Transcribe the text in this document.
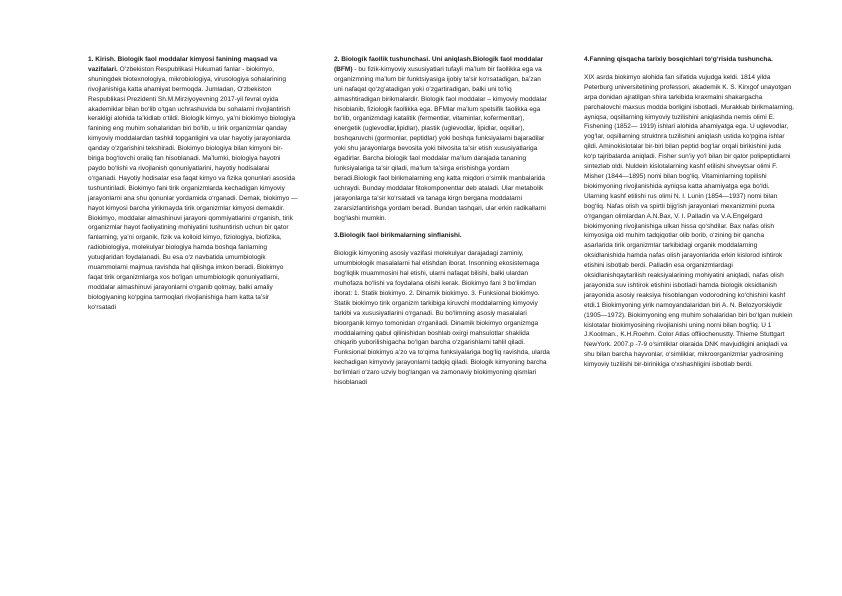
1. Kirish. Biologik faol moddalar kimyosi fanining maqsad va vazifalari. O‘zbekiston Respublikasi Hukumati fanlar - biokimyo, shuningdek biotexnologiya, mikrobiologiya, virusologiya sohalarining rivojlanishiga katta ahamiyat bermoqda. Jumladan, O‘zbekiston Respublikasi Prezidenti Sh.M.Mirziyoyevning 2017-yil fevral oyida akademiklar bilan bo‘lib o‘tgan uchrashuvida bu sohalarni rivojlantirish kerakligi alohida ta’kidlab o‘tildi. Biologik kimyo, ya’ni biokimyo biologiya fanining eng muhim sohalaridan biri bo‘lib, u tirik organizmlar qanday kimyoviy moddalardan tashkil topganligini va ular hayotiy jarayonlarda qanday o‘zgarishini tekshiradi. Biokimyo biologiya bilan kimyoni bir-biriga bog‘lovchi oraliq fan hisoblanadi. Ma’lumki, biologiya hayotni paydo bo‘lishi va rivojlanish qonuniyatlarini, hayotiy hodisalarai o‘rganadi. Hayotiy hodisalar esa faqat kimyo va fizika qonunlari asosida tushuntiriladi. Biokimyo fani tirik organizmlarda kechadigan kimyoviy jarayonlarni ana shu qonunlar yordamida o‘rganadi. Demak, biokimyo — hayot kimyosi barcha yirikmayda tirik organizmlar kimyosi demakdir. Biokimyo, moddalar almashinuvi jarayoni qommiyatlarini o‘rganish, tirik organizmlar hayot faoliyatining mohiyatini tushuntirish uchun bir qator fanlarning, ya’ni organik, fizik va kolloid kimyo, fiziologiya, biofizika, radiobiologiya, molekulyar biologiya hamda boshqa fanlarning yutuqlaridan foydalanadi. Bu esa o‘z navbatida umumbiologik muammolarni majmua ravishda hal qilishga imkon beradi. Biokimyo faqat tirik organizmlarga xos bo‘lgan umumbiologik qonuniyatlarni, moddalar almashinuvi jarayonlarni o‘rganib qolmay, balki amaliy biologiyaning ko‘pgina tarmoqlari rivojlanishiga ham katta ta’sir ko‘rsatadi

2. Biologik faollik tushunchasi. Uni aniqlash.Biologik faol moddalar (BFM) - bu fizik-kimyoviy xususiyatlari tufayli ma’lum bir faollikka ega va organizmning ma’lum bir funktsiyasiga ijobiy ta’sir ko‘rsatadigan, ba’zan uni nafaqat qo‘zg‘atadigan yoki o‘zgartiradigan, balki uni to‘liq almashtiradigan birikmalardir. Biologik faol moddalar – kimyoviy moddalar hisoblanib, fiziologik faollikka ega. BFMlar ma’lum spetsifik faolikka ega bo‘lib, organizmdagi katalitik (fermentlar, vitaminlar, kofermentlar), energetik (uglevodlar,lipidlar), plastik (uglevodlar, lipidlar, oqsillar), boshqaruvchi (gormonlar, peptidlar) yoki boshqa funksiyalarni bajaradilar yoki shu jarayonlarga bevosita yoki bilvosita ta’sir etish xususiyatlariga egadirlar. Barcha biologik faol moddalar ma’lum darajada tananing funksiyalariga ta’sir qiladi, ma’lum ta’sirga erishishga yordam beradi.Biologik faol birikmalarning eng katta miqdori o‘simlik manbalarida uchraydi. Bunday moddalar fitokomponentlar deb ataladi. Ular metabolik jarayonlarga ta’sir ko‘rsatadi va tanaga kirgn bergana moddalarni zararsizlantirishga yordam beradi. Bundan tashqari, ular erkin radikallarni bog‘lashi mumkin.

3.Biologik faol birikmalarning sinflanishi.

Biologik kimyoning asosiy vazifasi molekulyar darajadagi zaminiy, umumbiologik masalalarni hal etishdan iborat. Insonning ekosistemaga bog‘liqlik muammosini hal etishi, ularni nafaqat bilishi, balki ulardan muhofaza bo‘lishi va foydalana olishi kerak. Biokimyo fani 3 bo‘limdan iborat: 1. Statik biokimyo. 2. Dinamik biokimyo. 3. Funksional biokimyo. Statik biokimyo tirik organizm tarkibiga kiruvchi moddalarning kimyoviy tarkibi va xususiyatlarini o‘rganadi. Bu bo‘limning asosiy masalalari bioorganik kimyo tomonidan o‘rganiladi. Dinamik biokimyo organizmga moddalarning qabul qilinishidan boshlab oxirgi mahsulotlar shaklida chiqarib yuborilishigacha bo‘lgan barcha o‘zgarishlarni tahlil qiladi. Funksional biokimyo a’zo va to‘qima funksiyalariga bog‘liq ravishda, ularda kechadigan kimyoviy jarayonlarni tadqiq qiladi. Biologik kimyoning barcha bo‘limlari o‘zaro uzviy bog‘langan va zamonaviy biokimyoning qismlari hisoblanadi

4.Fanning qisqacha tarixiy bosqichlari to‘g‘risida tushuncha.

XIX asrda biokimyo alohida fan sifatida vujudga keldi. 1814 yilda Peterburg universitetining professori, akademik K. S. Kirxgof unayotgan arpa donidan ajratilgan shira tarkibida kraxmalni shakargacha parchalovchi maxsus modda borligini isbotladi. Murakkab birikmalarning, ayniqsa, oqsillarning kimyoviy tuzilishini aniqlashda nemis olimi E. Fishening (1852— 1919) ishlari alohida ahamiyatga ega. U uglevodlar, yog‘lar, oqsillarning struktnra tuzilishini aniqlash ustida ko‘pgina ishlar qildi. Aminokislotalar bir-biri bilan peptid bog‘lar orqali birikishini juda ko‘p tajribalarda aniqladi. Fisher sun’iy yo‘l bilan bir qator polipeptidlarni sintezlab oldi. Nuldein kislotalarning kashf etilishi shveytsar olimi F. Misher (1844—1895) nomi bilan bog‘liq. Vitaminlarning topilishi biokimyoning rivojlanishida ayniqsa katta ahamiyatga ega bo‘ldi. Ularning kashf etilishi rus olimi N. I. Lunin (1854—1937) nomi bilan bog‘liq. Nafas olish va spirtli bijg‘ish jarayonlari mexanizmini puxta o‘rgangan olimlardan A.N.Bax, V. I. Palladin va V.A.Engelgard biokimyoning rivojlanishiga ulkan hissa qo‘shdilar. Bax nafas olish kimyosiga oid muhim tadqiqotlar olib borib, o‘zining bir qancha asarlarida tirik organizmlar tarkibidagi organik moddalarning oksidlanishida hamda nafas olish jarayonlarida erkin kislorod ishtirok etishini isbotlab berdi. Palladin esa organizmlardagi oksidlanishqaytarilish reaksiyalarining mohiyatini aniqladi, nafas olish jarayonida suv ishtirok etishini isbotladi hamda biologik oksidlanish jarayonida asosiy reaksiya hisoblangan vodorodning ko‘chishini kashf etdi.1 Biokimyoning yirik namoyandalaridan biri A. N. Belozyorskiydir (1905—1972). Biokimyoning eng muhim sohalaridan biri bo‘lgan nuklein kislotalar biokimyosining rivojlanishi uning norni bilan bog‘liq. U 1 J.Koolman., K.H.Roehm. Color Atlas offiiochenustty. Thieme Stuttgart NewYork. 2007.p -7-9 o‘simliklar olaraida DNK mavjudligini aniqladi va shu bilan barcha hayvonlar, o‘simliklar, mikroorganizmlar yadrosining kimyoviy tuzilishi bir-birinikiga o‘xshashligini isbotlab berdi.
